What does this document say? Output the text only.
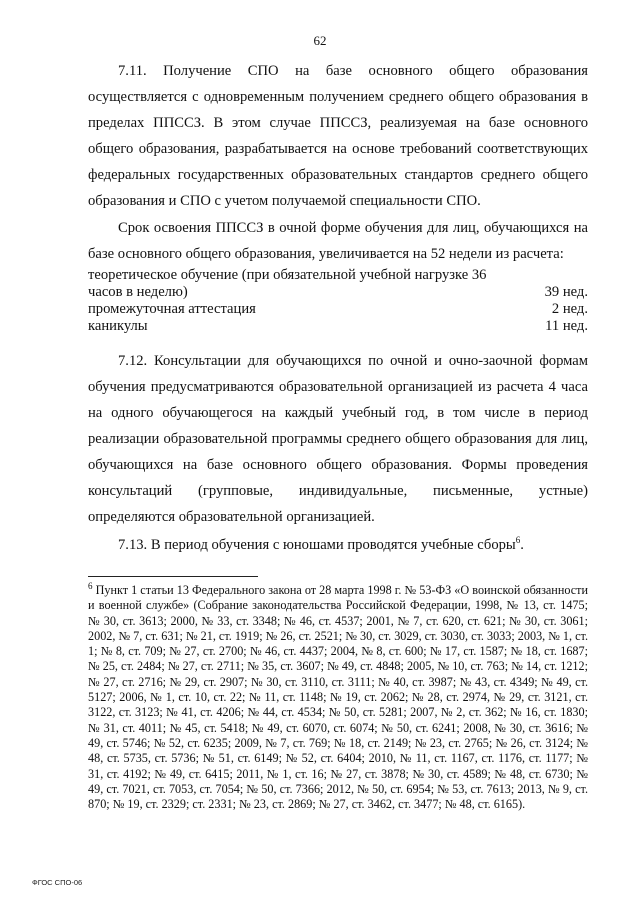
62

7.11. Получение СПО на базе основного общего образования осуществляется с одновременным получением среднего общего образования в пределах ППССЗ. В этом случае ППССЗ, реализуемая на базе основного общего образования, разрабатывается на основе требований соответствующих федеральных государственных образовательных стандартов среднего общего образования и СПО с учетом получаемой специальности СПО.

Срок освоения ППССЗ в очной форме обучения для лиц, обучающихся на базе основного общего образования, увеличивается на 52 недели из расчета:

теоретическое обучение (при обязательной учебной нагрузке 36 часов в неделю)	39 нед.
промежуточная аттестация	2 нед.
каникулы	11 нед.

7.12. Консультации для обучающихся по очной и очно-заочной формам обучения предусматриваются образовательной организацией из расчета 4 часа на одного обучающегося на каждый учебный год, в том числе в период реализации образовательной программы среднего общего образования для лиц, обучающихся на базе основного общего образования. Формы проведения консультаций (групповые, индивидуальные, письменные, устные) определяются образовательной организацией.

7.13. В период обучения с юношами проводятся учебные сборы$^6$.

$^6$ Пункт 1 статьи 13 Федерального закона от 28 марта 1998 г. № 53-ФЗ «О воинской обязанности и военной службе» (Собрание законодательства Российской Федерации, 1998, № 13, ст. 1475; № 30, ст. 3613; 2000, № 33, ст. 3348; № 46, ст. 4537; 2001, № 7, ст. 620, ст. 621; № 30, ст. 3061; 2002, № 7, ст. 631; № 21, ст. 1919; № 26, ст. 2521; № 30, ст. 3029, ст. 3030, ст. 3033; 2003, № 1, ст. 1; № 8, ст. 709; № 27, ст. 2700; № 46, ст. 4437; 2004, № 8, ст. 600; № 17, ст. 1587; № 18, ст. 1687; № 25, ст. 2484; № 27, ст. 2711; № 35, ст. 3607; № 49, ст. 4848; 2005, № 10, ст. 763; № 14, ст. 1212; № 27, ст. 2716; № 29, ст. 2907; № 30, ст. 3110, ст. 3111; № 40, ст. 3987; № 43, ст. 4349; № 49, ст. 5127; 2006, № 1, ст. 10, ст. 22; № 11, ст. 1148; № 19, ст. 2062; № 28, ст. 2974, № 29, ст. 3121, ст. 3122, ст. 3123; № 41, ст. 4206; № 44, ст. 4534; № 50, ст. 5281; 2007, № 2, ст. 362; № 16, ст. 1830; № 31, ст. 4011; № 45, ст. 5418; № 49, ст. 6070, ст. 6074; № 50, ст. 6241; 2008, № 30, ст. 3616; № 49, ст. 5746; № 52, ст. 6235; 2009, № 7, ст. 769; № 18, ст. 2149; № 23, ст. 2765; № 26, ст. 3124; № 48, ст. 5735, ст. 5736; № 51, ст. 6149; № 52, ст. 6404; 2010, № 11, ст. 1167, ст. 1176, ст. 1177; № 31, ст. 4192; № 49, ст. 6415; 2011, № 1, ст. 16; № 27, ст. 3878; № 30, ст. 4589; № 48, ст. 6730; № 49, ст. 7021, ст. 7053, ст. 7054; № 50, ст. 7366; 2012, № 50, ст. 6954; № 53, ст. 7613; 2013, № 9, ст. 870; № 19, ст. 2329; ст. 2331; № 23, ст. 2869; № 27, ст. 3462, ст. 3477; № 48, ст. 6165).

ФГОС СПО-06
